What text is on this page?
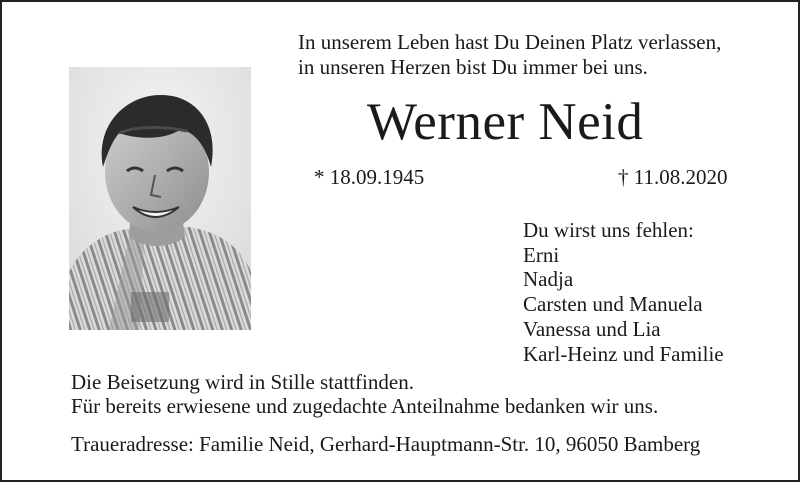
In unserem Leben hast Du Deinen Platz verlassen,
in unseren Herzen bist Du immer bei uns.
Werner Neid
* 18.09.1945	† 11.08.2020
Du wirst uns fehlen:
Erni
Nadja
Carsten und Manuela
Vanessa und Lia
Karl-Heinz und Familie
Die Beisetzung wird in Stille stattfinden.
Für bereits erwiesene und zugedachte Anteilnahme bedanken wir uns.
Traueradresse: Familie Neid, Gerhard-Hauptmann-Str. 10, 96050 Bamberg
